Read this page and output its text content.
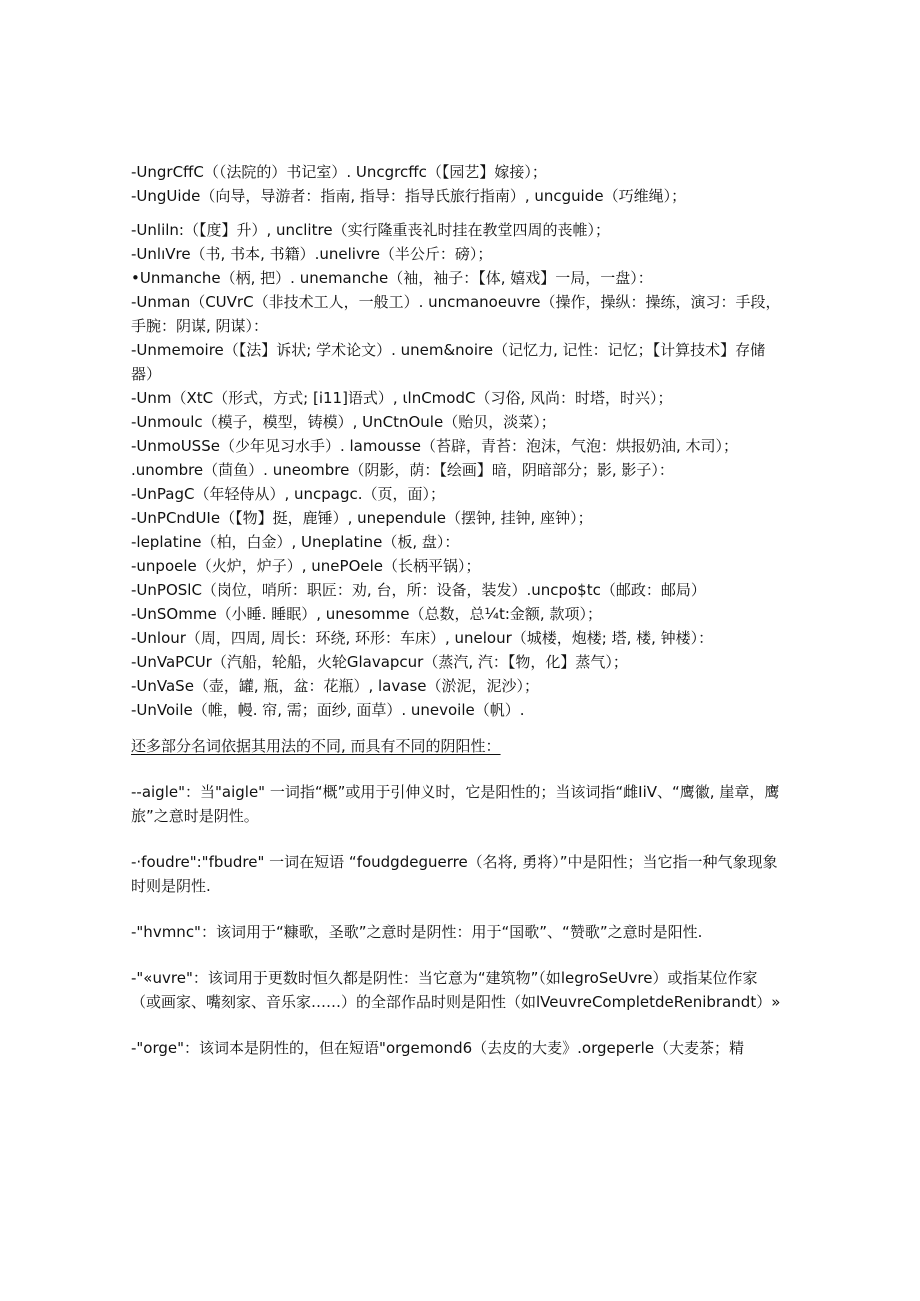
-UngrCffC（（法院的）书记室）. Uncgrcffc（【园艺】嫁接）；

-UngUide（向导，导游者：指南, 指导：指导氏旅行指南）, uncguide（巧维绳）；

-Unliln:（【度】升）, unclitre（实行隆重丧礼时挂在教堂四周的丧帷）；

-UnlıVre（书, 书本, 书籍）.unelivre（半公斤：磅）；

•Unmanche（柄, 把）. unemanche（袖，袖子：【体, 嬉戏】一局，一盘）：

-Unman（CUVrC（非技术工人，一般工）. uncmanoeuvre（操作，操纵：操练，演习：手段，手腕：阴谋, 阴谋）：

-Unmemoire（【法】诉状; 学术论文）. unem&noire（记忆力, 记性：记忆；【计算技术】存储器）

-Unm（XtC（形式，方式; [i11]语式）, ιlnCmodC（习俗, 风尚：时塔，时兴）；

-Unmoulc（模子，模型，铸模）, UnCtnOule（贻贝，淡菜）；

-UnmoUSSe（少年见习水手）. lamousse（苔辟，青苔：泡沫，气泡：烘报奶油, 木司）；

.unombre（茴鱼）. uneombre（阴影，荫：【绘画】暗，阴暗部分；影, 影子）：

-UnPagC（年轻侍从）, uncpagc.（页，面）；

-UnPCndUIe（【物】挺，鹿锤）, unependule（摆钟, 挂钟, 座钟）；

-leplatine（柏，白金）, Uneplatine（板, 盘）：

-unpoele（火炉，炉子）, unePOele（长柄平锅）；

-UnPOSlC（岗位，哨所：职匠：劝, 台，所：设备，装发）.uncpo$tc（邮政：邮局）

-UnSOmme（小睡. 睡眠）, unesomme（总数，总¼t:金额, 款项）；

-Unlour（周，四周, 周长：环绕, 环形：车床）, unelour（城楼，炮楼; 塔, 楼, 钟楼）：

-UnVaPCUr（汽船，轮船，火轮Glavapcur（蒸汽, 汽：【物，化】蒸气）；

-UnVaSe（壶，罐, 瓶，盆：花瓶）, lavase（淤泥，泥沙）；

-UnVoile（帷，幔. 帘, 需；面纱, 面草）. unevoile（帆）.

还多部分名词依据其用法的不同, 而具有不同的阴阳性：

--aigle"：当"aigle" 一词指“概”或用于引伸义时，它是阳性的；当该词指“雌IiV、“鹰徽, 崖章，鹰旅”之意时是阴性。

-·foudre":"fbudre" 一词在短语 “foudgdeguerre（名将, 勇将）”中是阳性；当它指一种气象现象时则是阴性.

-"hvmnc"：该词用于“糠歌，圣歌”之意时是阴性：用于“国歌”、“赞歌”之意时是阳性.

-"«uvre"：该词用于更数时恒久都是阴性：当它意为“建筑物”（如legroSeUvre）或指某位作家（或画家、嘴刻家、音乐家……）的全部作品时则是阳性（如lVeuvreCompletdeRenibrandt）»

-"orge"：该词本是阴性的，但在短语"orgemond6（去皮的大麦》.orgeperle（大麦茶；精
